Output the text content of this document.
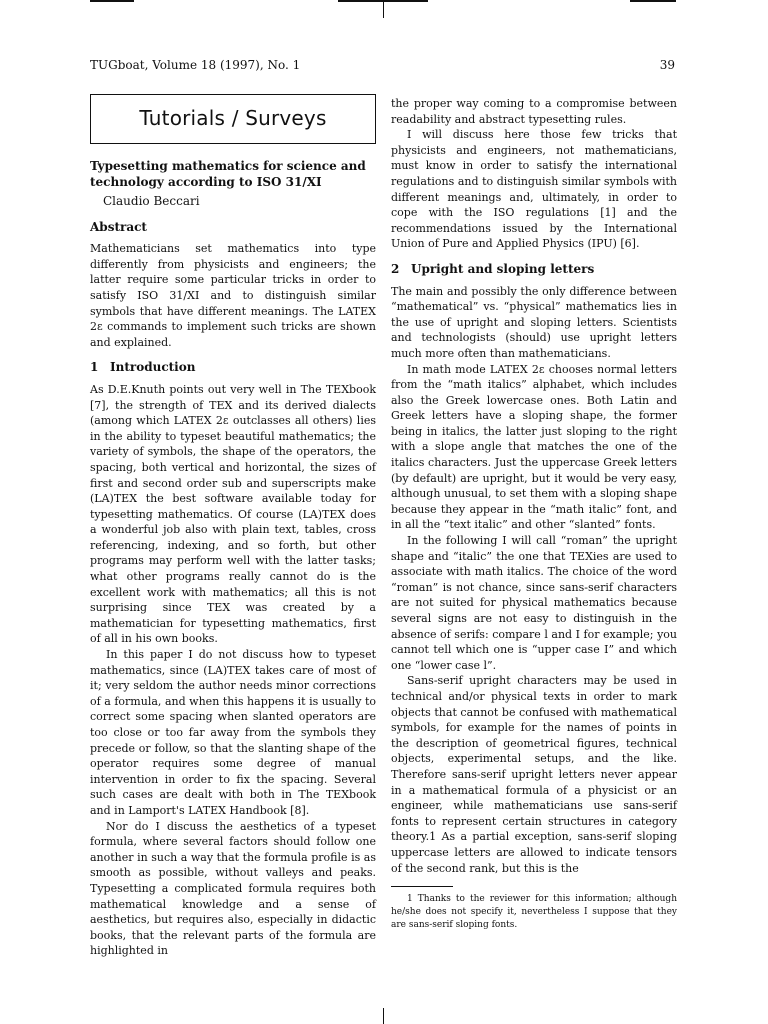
TUGboat, Volume 18 (1997), No. 1	39
Tutorials / Surveys

Typesetting mathematics for science and technology according to ISO 31/XI

Claudio Beccari

Abstract

Mathematicians set mathematics into type differently from physicists and engineers; the latter require some particular tricks in order to satisfy ISO 31/XI and to distinguish similar symbols that have different meanings. The LATEX 2ε commands to implement such tricks are shown and explained.

1 Introduction

As D.E.Knuth points out very well in The TEXbook [7], the strength of TEX and its derived dialects (among which LATEX 2ε outclasses all others) lies in the ability to typeset beautiful mathematics; the variety of symbols, the shape of the operators, the spacing, both vertical and horizontal, the sizes of first and second order sub and superscripts make (LA)TEX the best software available today for typesetting mathematics. Of course (LA)TEX does a wonderful job also with plain text, tables, cross referencing, indexing, and so forth, but other programs may perform well with the latter tasks; what other programs really cannot do is the excellent work with mathematics; all this is not surprising since TEX was created by a mathematician for typesetting mathematics, first of all in his own books.

In this paper I do not discuss how to typeset mathematics, since (LA)TEX takes care of most of it; very seldom the author needs minor corrections of a formula, and when this happens it is usually to correct some spacing when slanted operators are too close or too far away from the symbols they precede or follow, so that the slanting shape of the operator requires some degree of manual intervention in order to fix the spacing. Several such cases are dealt with both in The TEXbook and in Lamport's LATEX Handbook [8].

Nor do I discuss the aesthetics of a typeset formula, where several factors should follow one another in such a way that the formula profile is as smooth as possible, without valleys and peaks. Typesetting a complicated formula requires both mathematical knowledge and a sense of aesthetics, but requires also, especially in didactic books, that the relevant parts of the formula are highlighted in

the proper way coming to a compromise between readability and abstract typesetting rules.

I will discuss here those few tricks that physicists and engineers, not mathematicians, must know in order to satisfy the international regulations and to distinguish similar symbols with different meanings and, ultimately, in order to cope with the ISO regulations [1] and the recommendations issued by the International Union of Pure and Applied Physics (IPU) [6].

2 Upright and sloping letters

The main and possibly the only difference between “mathematical” vs. “physical” mathematics lies in the use of upright and sloping letters. Scientists and technologists (should) use upright letters much more often than mathematicians.

In math mode LATEX 2ε chooses normal letters from the “math italics” alphabet, which includes also the Greek lowercase ones. Both Latin and Greek letters have a sloping shape, the former being in italics, the latter just sloping to the right with a slope angle that matches the one of the italics characters. Just the uppercase Greek letters (by default) are upright, but it would be very easy, although unusual, to set them with a sloping shape because they appear in the “math italic” font, and in all the “text italic” and other “slanted” fonts.

In the following I will call “roman” the upright shape and “italic” the one that TEXies are used to associate with math italics. The choice of the word “roman” is not chance, since sans-serif characters are not suited for physical mathematics because several signs are not easy to distinguish in the absence of serifs: compare l and I for example; you cannot tell which one is “upper case I” and which one “lower case l”.

Sans-serif upright characters may be used in technical and/or physical texts in order to mark objects that cannot be confused with mathematical symbols, for example for the names of points in the description of geometrical figures, technical objects, experimental setups, and the like. Therefore sans-serif upright letters never appear in a mathematical formula of a physicist or an engineer, while mathematicians use sans-serif fonts to represent certain structures in category theory.1 As a partial exception, sans-serif sloping uppercase letters are allowed to indicate tensors of the second rank, but this is the

1 Thanks to the reviewer for this information; although he/she does not specify it, nevertheless I suppose that they are sans-serif sloping fonts.
